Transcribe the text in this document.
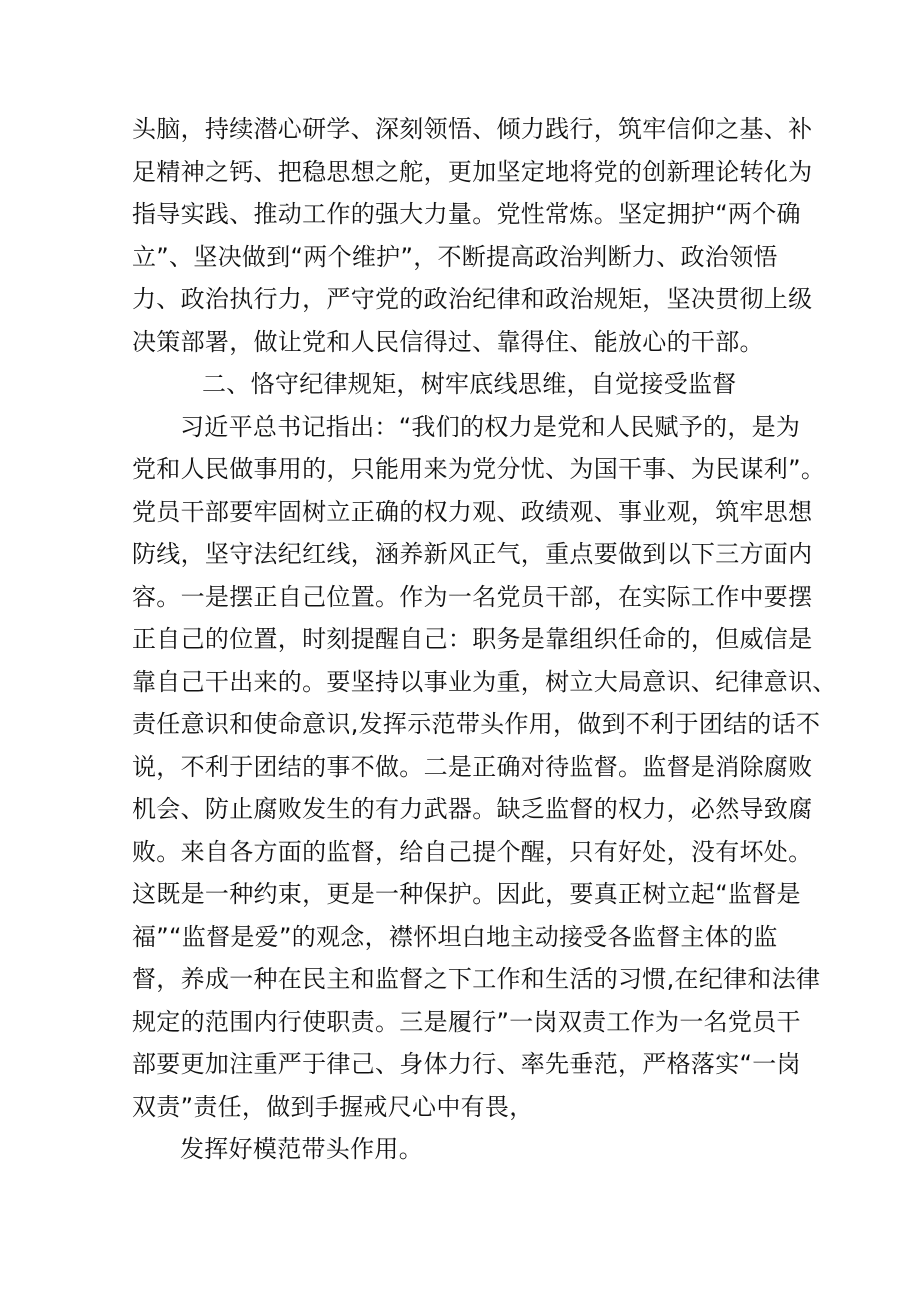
头脑，持续潜心研学、深刻领悟、倾力践行，筑牢信仰之基、补
足精神之钙、把稳思想之舵，更加坚定地将党的创新理论转化为
指导实践、推动工作的强大力量。党性常炼。坚定拥护“两个确
立”、坚决做到“两个维护”，不断提高政治判断力、政治领悟
力、政治执行力，严守党的政治纪律和政治规矩，坚决贯彻上级
决策部署，做让党和人民信得过、靠得住、能放心的干部。
二、恪守纪律规矩，树牢底线思维，自觉接受监督
习近平总书记指出：“我们的权力是党和人民赋予的，是为
党和人民做事用的，只能用来为党分忧、为国干事、为民谋利”。
党员干部要牢固树立正确的权力观、政绩观、事业观，筑牢思想
防线，坚守法纪红线，涵养新风正气，重点要做到以下三方面内
容。一是摆正自己位置。作为一名党员干部，在实际工作中要摆
正自己的位置，时刻提醒自己：职务是靠组织任命的，但威信是
靠自己干出来的。要坚持以事业为重，树立大局意识、纪律意识、
责任意识和使命意识,发挥示范带头作用，做到不利于团结的话不
说，不利于团结的事不做。二是正确对待监督。监督是消除腐败
机会、防止腐败发生的有力武器。缺乏监督的权力，必然导致腐
败。来自各方面的监督，给自己提个醒，只有好处，没有坏处。
这既是一种约束，更是一种保护。因此，要真正树立起“监督是
福”“监督是爱”的观念，襟怀坦白地主动接受各监督主体的监
督，养成一种在民主和监督之下工作和生活的习惯,在纪律和法律
规定的范围内行使职责。三是履行”一岗双责工作为一名党员干
部要更加注重严于律己、身体力行、率先垂范，严格落实“一岗
双责”责任，做到手握戒尺心中有畏，
发挥好模范带头作用。
